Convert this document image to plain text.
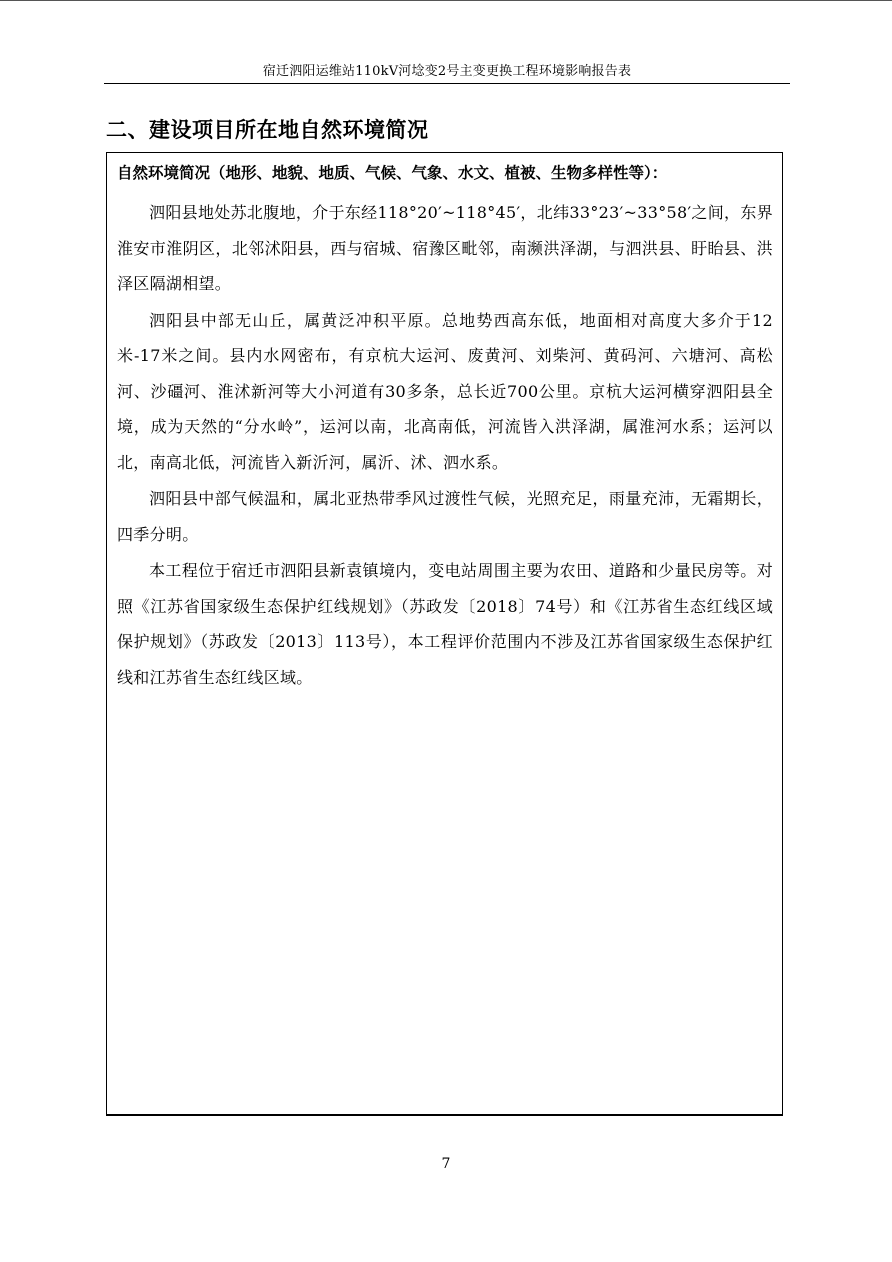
宿迁泗阳运维站110kV河埝变2号主变更换工程环境影响报告表
二、建设项目所在地自然环境简况
自然环境简况（地形、地貌、地质、气候、气象、水文、植被、生物多样性等）：

泗阳县地处苏北腹地，介于东经118°20′~118°45′，北纬33°23′~33°58′之间，东界淮安市淮阴区，北邻沭阳县，西与宿城、宿豫区毗邻，南濒洪泽湖，与泗洪县、盱眙县、洪泽区隔湖相望。

泗阳县中部无山丘，属黄泛冲积平原。总地势西高东低，地面相对高度大多介于12米-17米之间。县内水网密布，有京杭大运河、废黄河、刘柴河、黄码河、六塘河、高松河、沙礓河、淮沭新河等大小河道有30多条，总长近700公里。京杭大运河横穿泗阳县全境，成为天然的“分水岭”，运河以南，北高南低，河流皆入洪泽湖，属淮河水系；运河以北，南高北低，河流皆入新沂河，属沂、沭、泗水系。

泗阳县中部气候温和，属北亚热带季风过渡性气候，光照充足，雨量充沛，无霜期长，四季分明。

本工程位于宿迁市泗阳县新袁镇境内，变电站周围主要为农田、道路和少量民房等。对照《江苏省国家级生态保护红线规划》（苏政发〔2018〕74号）和《江苏省生态红线区域保护规划》（苏政发〔2013〕113号），本工程评价范围内不涉及江苏省国家级生态保护红线和江苏省生态红线区域。

7
